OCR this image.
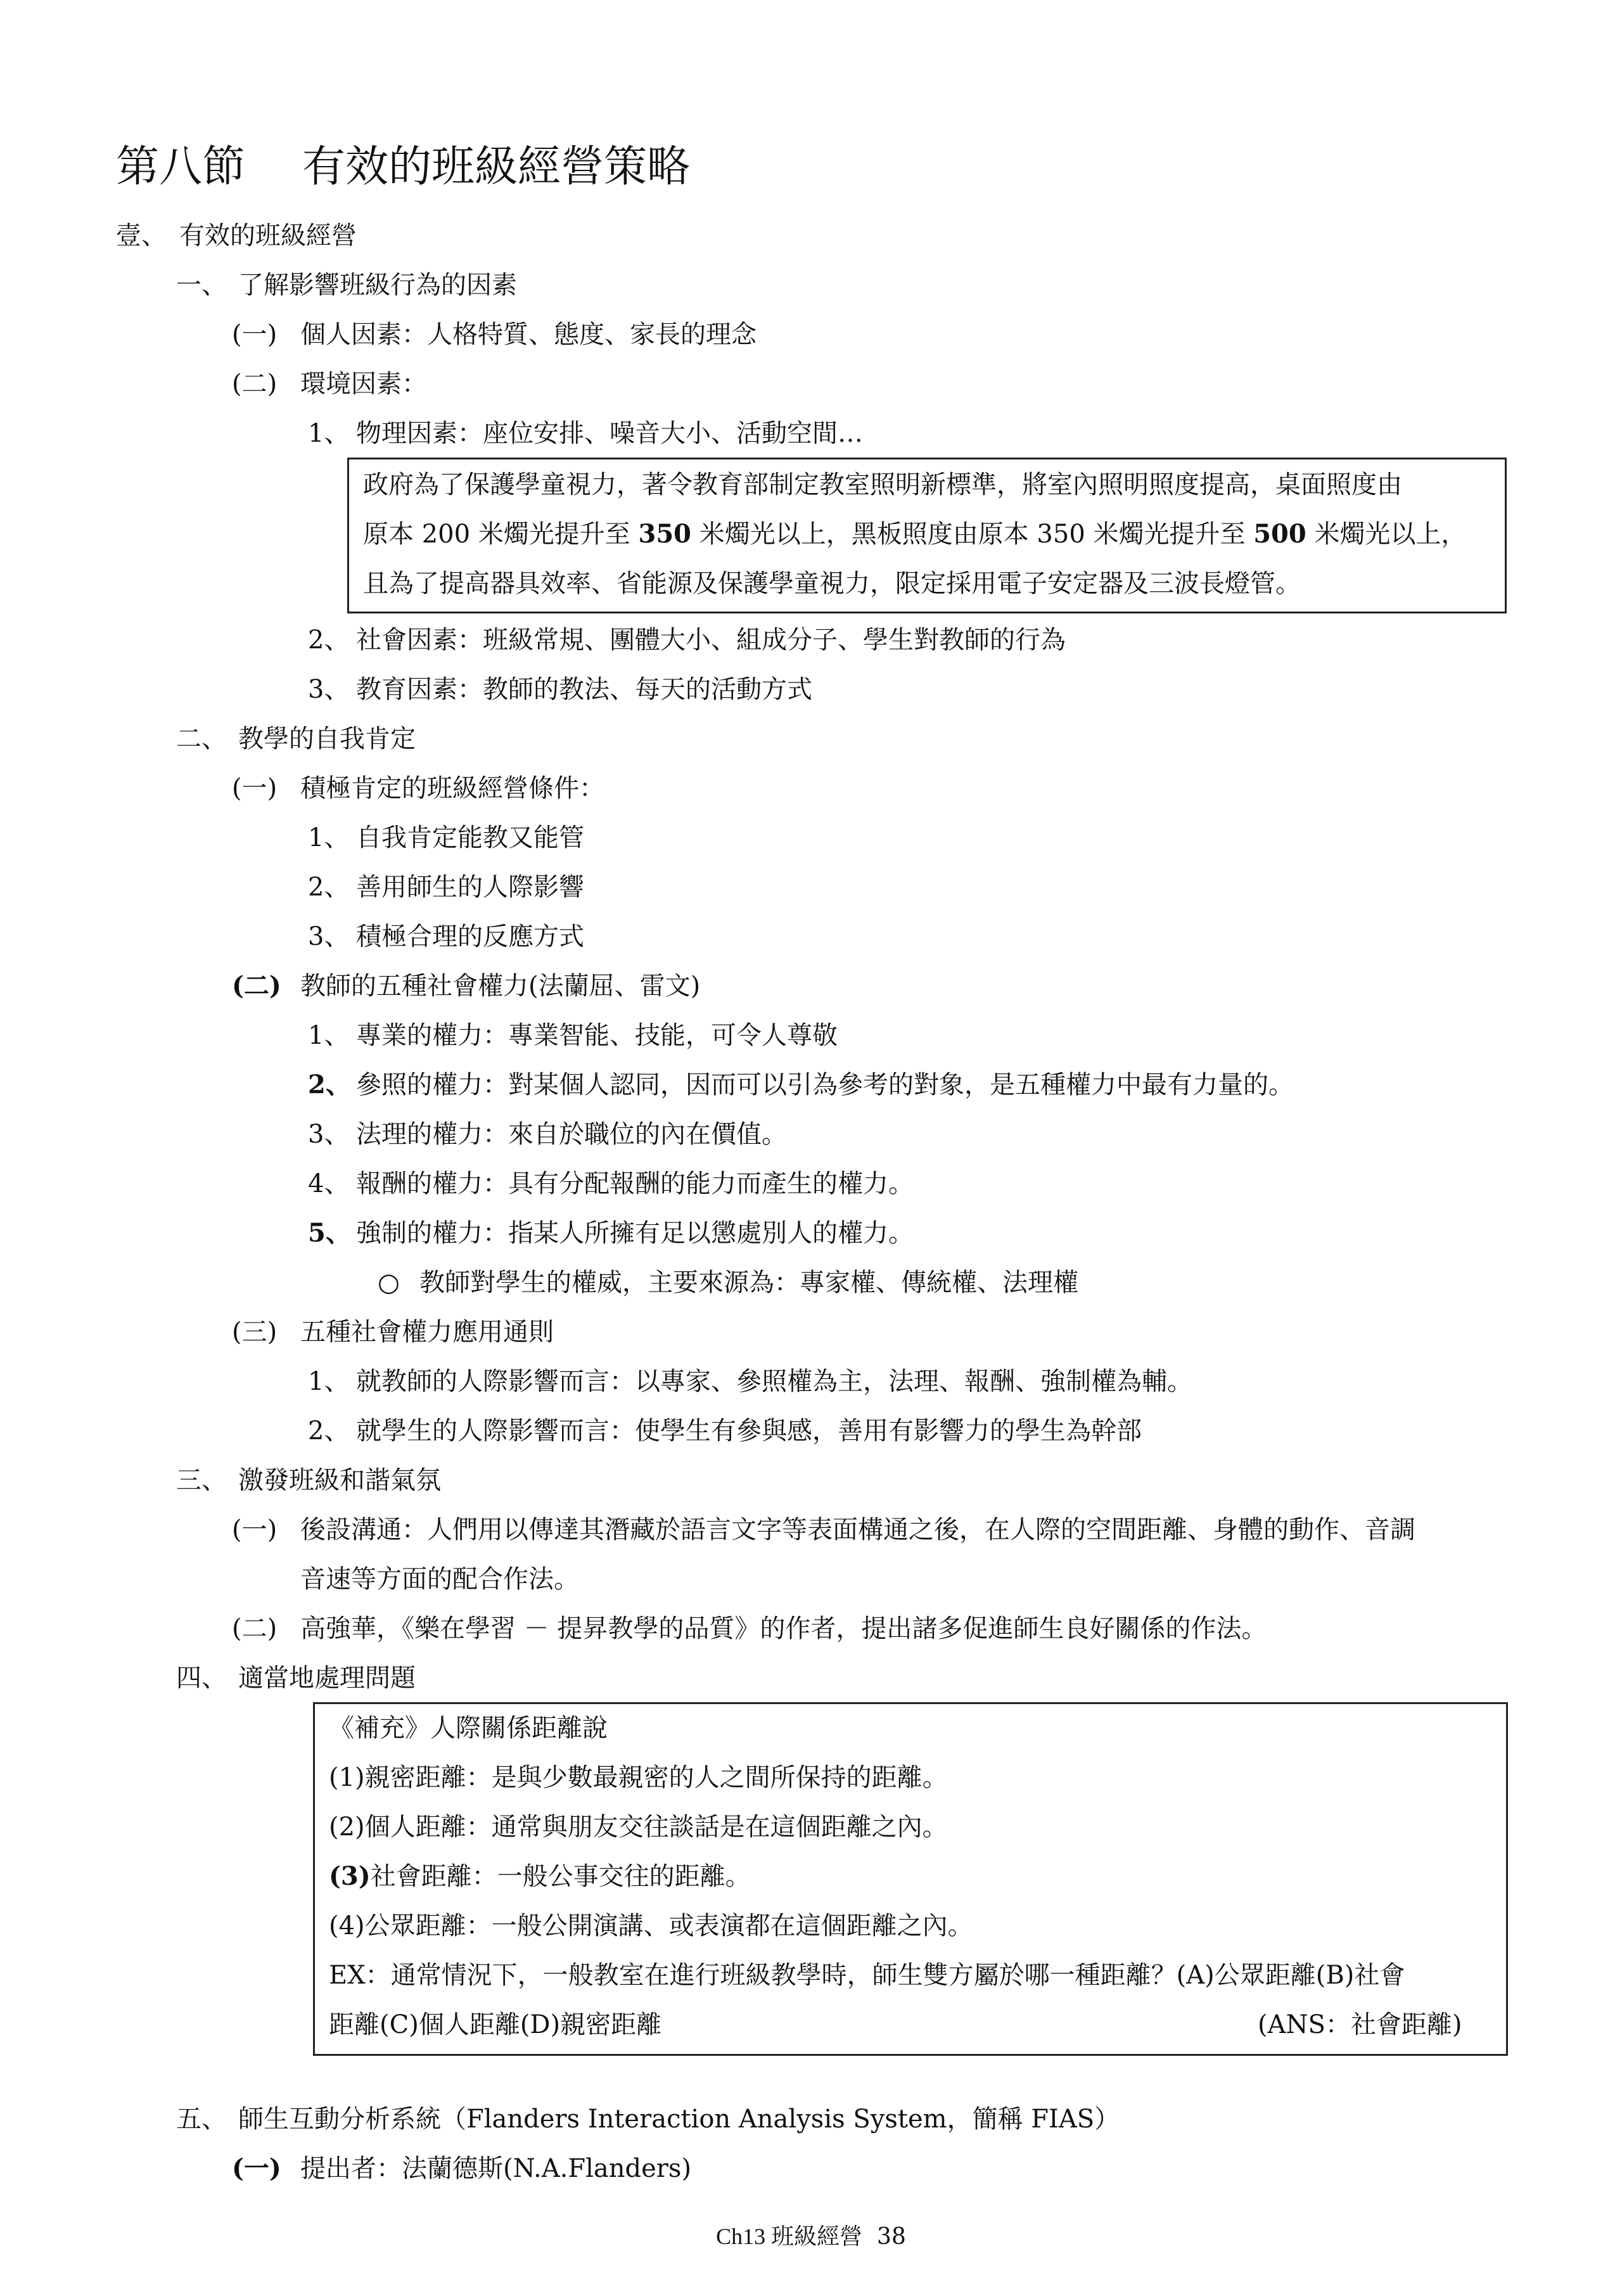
第八節 有效的班級經營策略
壹、 有效的班級經營
一、 了解影響班級行為的因素
(一) 個人因素：人格特質、態度、家長的理念
(二) 環境因素：
1、 物理因素：座位安排、噪音大小、活動空間…
政府為了保護學童視力，著令教育部制定教室照明新標準，將室內照明照度提高，桌面照度由
原本 200 米燭光提升至 350 米燭光以上，黑板照度由原本 350 米燭光提升至 500 米燭光以上，
且為了提高器具效率、省能源及保護學童視力，限定採用電子安定器及三波長燈管。
2、 社會因素：班級常規、團體大小、組成分子、學生對教師的行為
3、 教育因素：教師的教法、每天的活動方式
二、 教學的自我肯定
(一) 積極肯定的班級經營條件：
1、 自我肯定能教又能管
2、 善用師生的人際影響
3、 積極合理的反應方式
(二) 教師的五種社會權力(法蘭屈、雷文)
1、 專業的權力：專業智能、技能，可令人尊敬
2、 參照的權力：對某個人認同，因而可以引為參考的對象，是五種權力中最有力量的。
3、 法理的權力：來自於職位的內在價值。
4、 報酬的權力：具有分配報酬的能力而產生的權力。
5、 強制的權力：指某人所擁有足以懲處別人的權力。
○ 教師對學生的權威，主要來源為：專家權、傳統權、法理權
(三) 五種社會權力應用通則
1、 就教師的人際影響而言：以專家、參照權為主，法理、報酬、強制權為輔。
2、 就學生的人際影響而言：使學生有參與感，善用有影響力的學生為幹部
三、 激發班級和諧氣氛
(一) 後設溝通：人們用以傳達其潛藏於語言文字等表面構通之後，在人際的空間距離、身體的動作、音調
音速等方面的配合作法。
(二) 高強華，《樂在學習 － 提昇教學的品質》的作者，提出諸多促進師生良好關係的作法。
四、 適當地處理問題
《補充》人際關係距離說
(1)親密距離：是與少數最親密的人之間所保持的距離。
(2)個人距離：通常與朋友交往談話是在這個距離之內。
(3)社會距離：一般公事交往的距離。
(4)公眾距離：一般公開演講、或表演都在這個距離之內。
EX：通常情況下，一般教室在進行班級教學時，師生雙方屬於哪一種距離？(A)公眾距離(B)社會
距離(C)個人距離(D)親密距離	(ANS：社會距離)
五、 師生互動分析系統（Flanders Interaction Analysis System，簡稱 FIAS）
(一) 提出者：法蘭德斯(N.A.Flanders)
Ch13 班級經營 38
